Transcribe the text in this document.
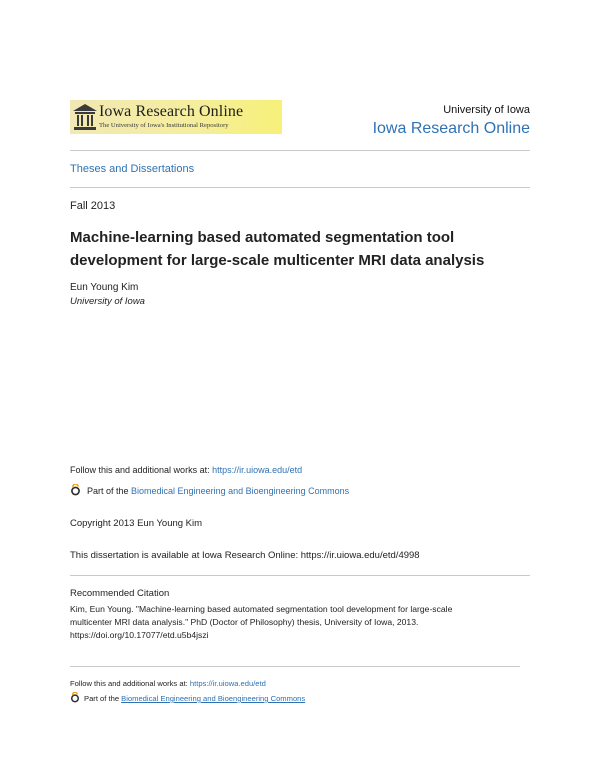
Iowa Research Online
The University of Iowa's Institutional Repository
University of Iowa
Iowa Research Online
Theses and Dissertations
Fall 2013
Machine-learning based automated segmentation tool
development for large-scale multicenter MRI data analysis
Eun Young Kim
University of Iowa
Follow this and additional works at: https://ir.uiowa.edu/etd
Part of the Biomedical Engineering and Bioengineering Commons
Copyright 2013 Eun Young Kim
This dissertation is available at Iowa Research Online: https://ir.uiowa.edu/etd/4998
Recommended Citation
Kim, Eun Young. "Machine-learning based automated segmentation tool development for large-scale
multicenter MRI data analysis." PhD (Doctor of Philosophy) thesis, University of Iowa, 2013.
https://doi.org/10.17077/etd.u5b4jszi
Follow this and additional works at: https://ir.uiowa.edu/etd
Part of the Biomedical Engineering and Bioengineering Commons
